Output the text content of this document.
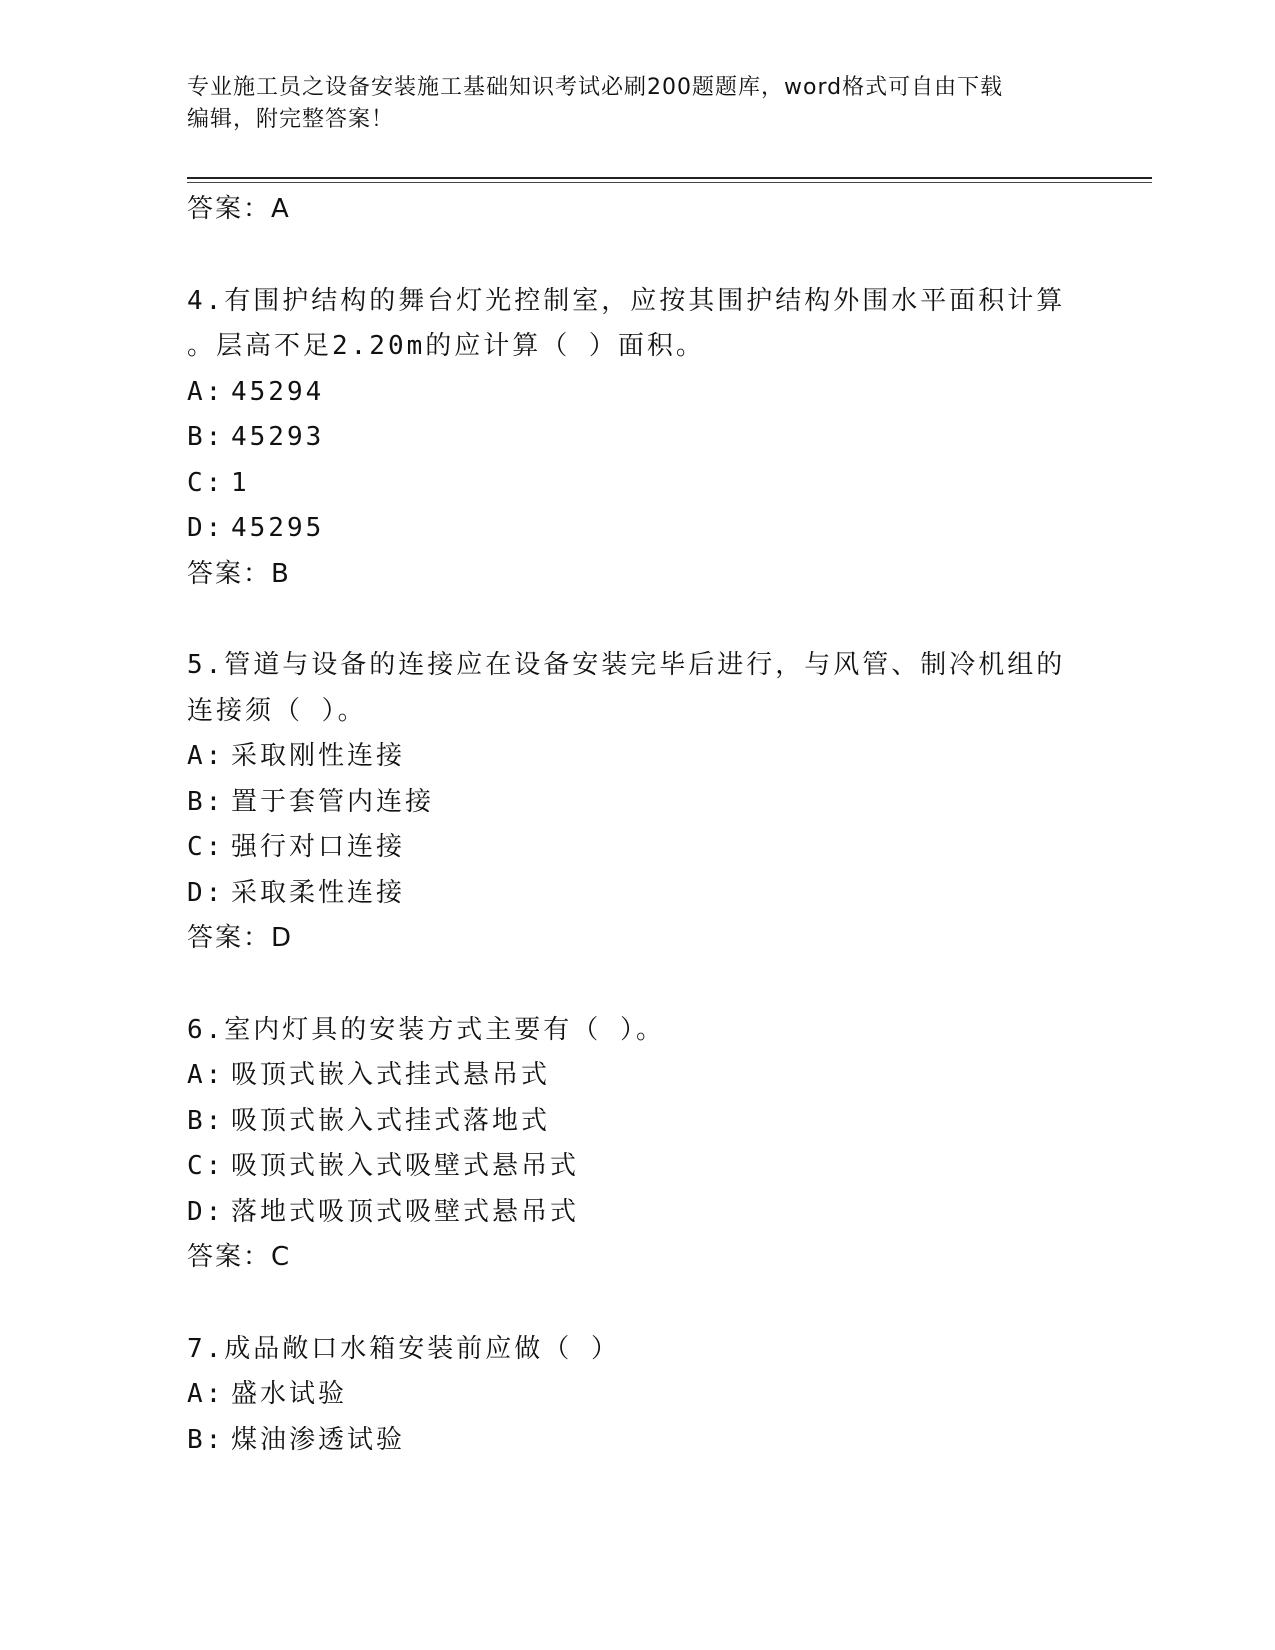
专业施工员之设备安装施工基础知识考试必刷200题题库，word格式可自由下载
编辑，附完整答案！
答案：A
4.有围护结构的舞台灯光控制室，应按其围护结构外围水平面积计算
。层高不足2.20m的应计算（ ）面积。
A: 45294
B: 45293
C: 1
D: 45295
答案：B
5.管道与设备的连接应在设备安装完毕后进行，与风管、制冷机组的
连接须（ ）。
A: 采取刚性连接
B: 置于套管内连接
C: 强行对口连接
D: 采取柔性连接
答案：D
6.室内灯具的安装方式主要有（ ）。
A: 吸顶式嵌入式挂式悬吊式
B: 吸顶式嵌入式挂式落地式
C: 吸顶式嵌入式吸壁式悬吊式
D: 落地式吸顶式吸壁式悬吊式
答案：C
7.成品敞口水箱安装前应做（ ）
A: 盛水试验
B: 煤油渗透试验
